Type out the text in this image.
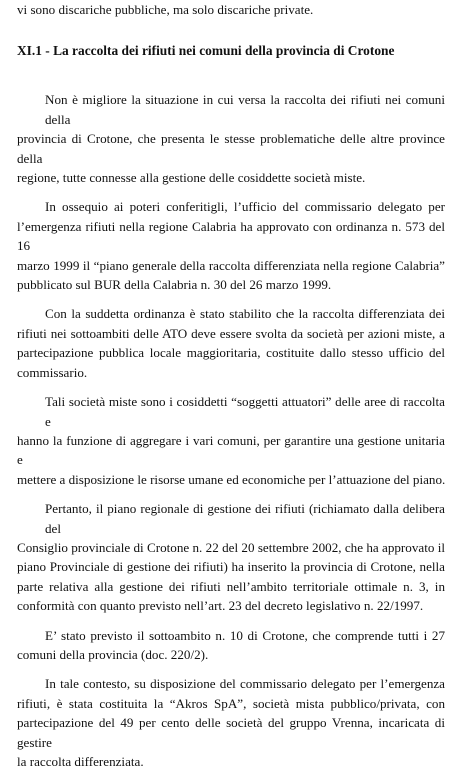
vi sono discariche pubbliche, ma solo discariche private.
XI.1 - La raccolta dei rifiuti nei comuni della provincia di Crotone
Non è migliore la situazione in cui versa la raccolta dei rifiuti nei comuni della
provincia di Crotone, che presenta le stesse problematiche delle altre province della
regione, tutte connesse alla gestione delle cosiddette società miste.
In ossequio ai poteri conferitigli, l’ufficio del commissario delegato per
l’emergenza rifiuti nella regione Calabria ha approvato con ordinanza n. 573 del 16
marzo 1999 il “piano generale della raccolta differenziata nella regione Calabria”
pubblicato sul BUR della Calabria n. 30 del 26 marzo 1999.
Con la suddetta ordinanza è stato stabilito che la raccolta differenziata dei
rifiuti nei sottoambiti delle ATO deve essere svolta da società per azioni miste, a
partecipazione pubblica locale maggioritaria, costituite dallo stesso ufficio del
commissario.
Tali società miste sono i cosiddetti “soggetti attuatori” delle aree di raccolta e
hanno la funzione di aggregare i vari comuni, per garantire una gestione unitaria e
mettere a disposizione le risorse umane ed economiche per l’attuazione del piano.
Pertanto, il piano regionale di gestione dei rifiuti (richiamato dalla delibera del
Consiglio provinciale di Crotone n. 22 del 20 settembre 2002, che ha approvato il
piano Provinciale di gestione dei rifiuti) ha inserito la provincia di Crotone, nella
parte relativa alla gestione dei rifiuti nell’ambito territoriale ottimale n. 3, in
conformità con quanto previsto nell’art. 23 del decreto legislativo n. 22/1997.
E’ stato previsto il sottoambito n. 10 di Crotone, che comprende tutti i 27
comuni della provincia (doc. 220/2).
In tale contesto, su disposizione del commissario delegato per l’emergenza
rifiuti, è stata costituita la “Akros SpA”, società mista pubblico/privata, con
partecipazione del 49 per cento delle società del gruppo Vrenna, incaricata di gestire
la raccolta differenziata.
